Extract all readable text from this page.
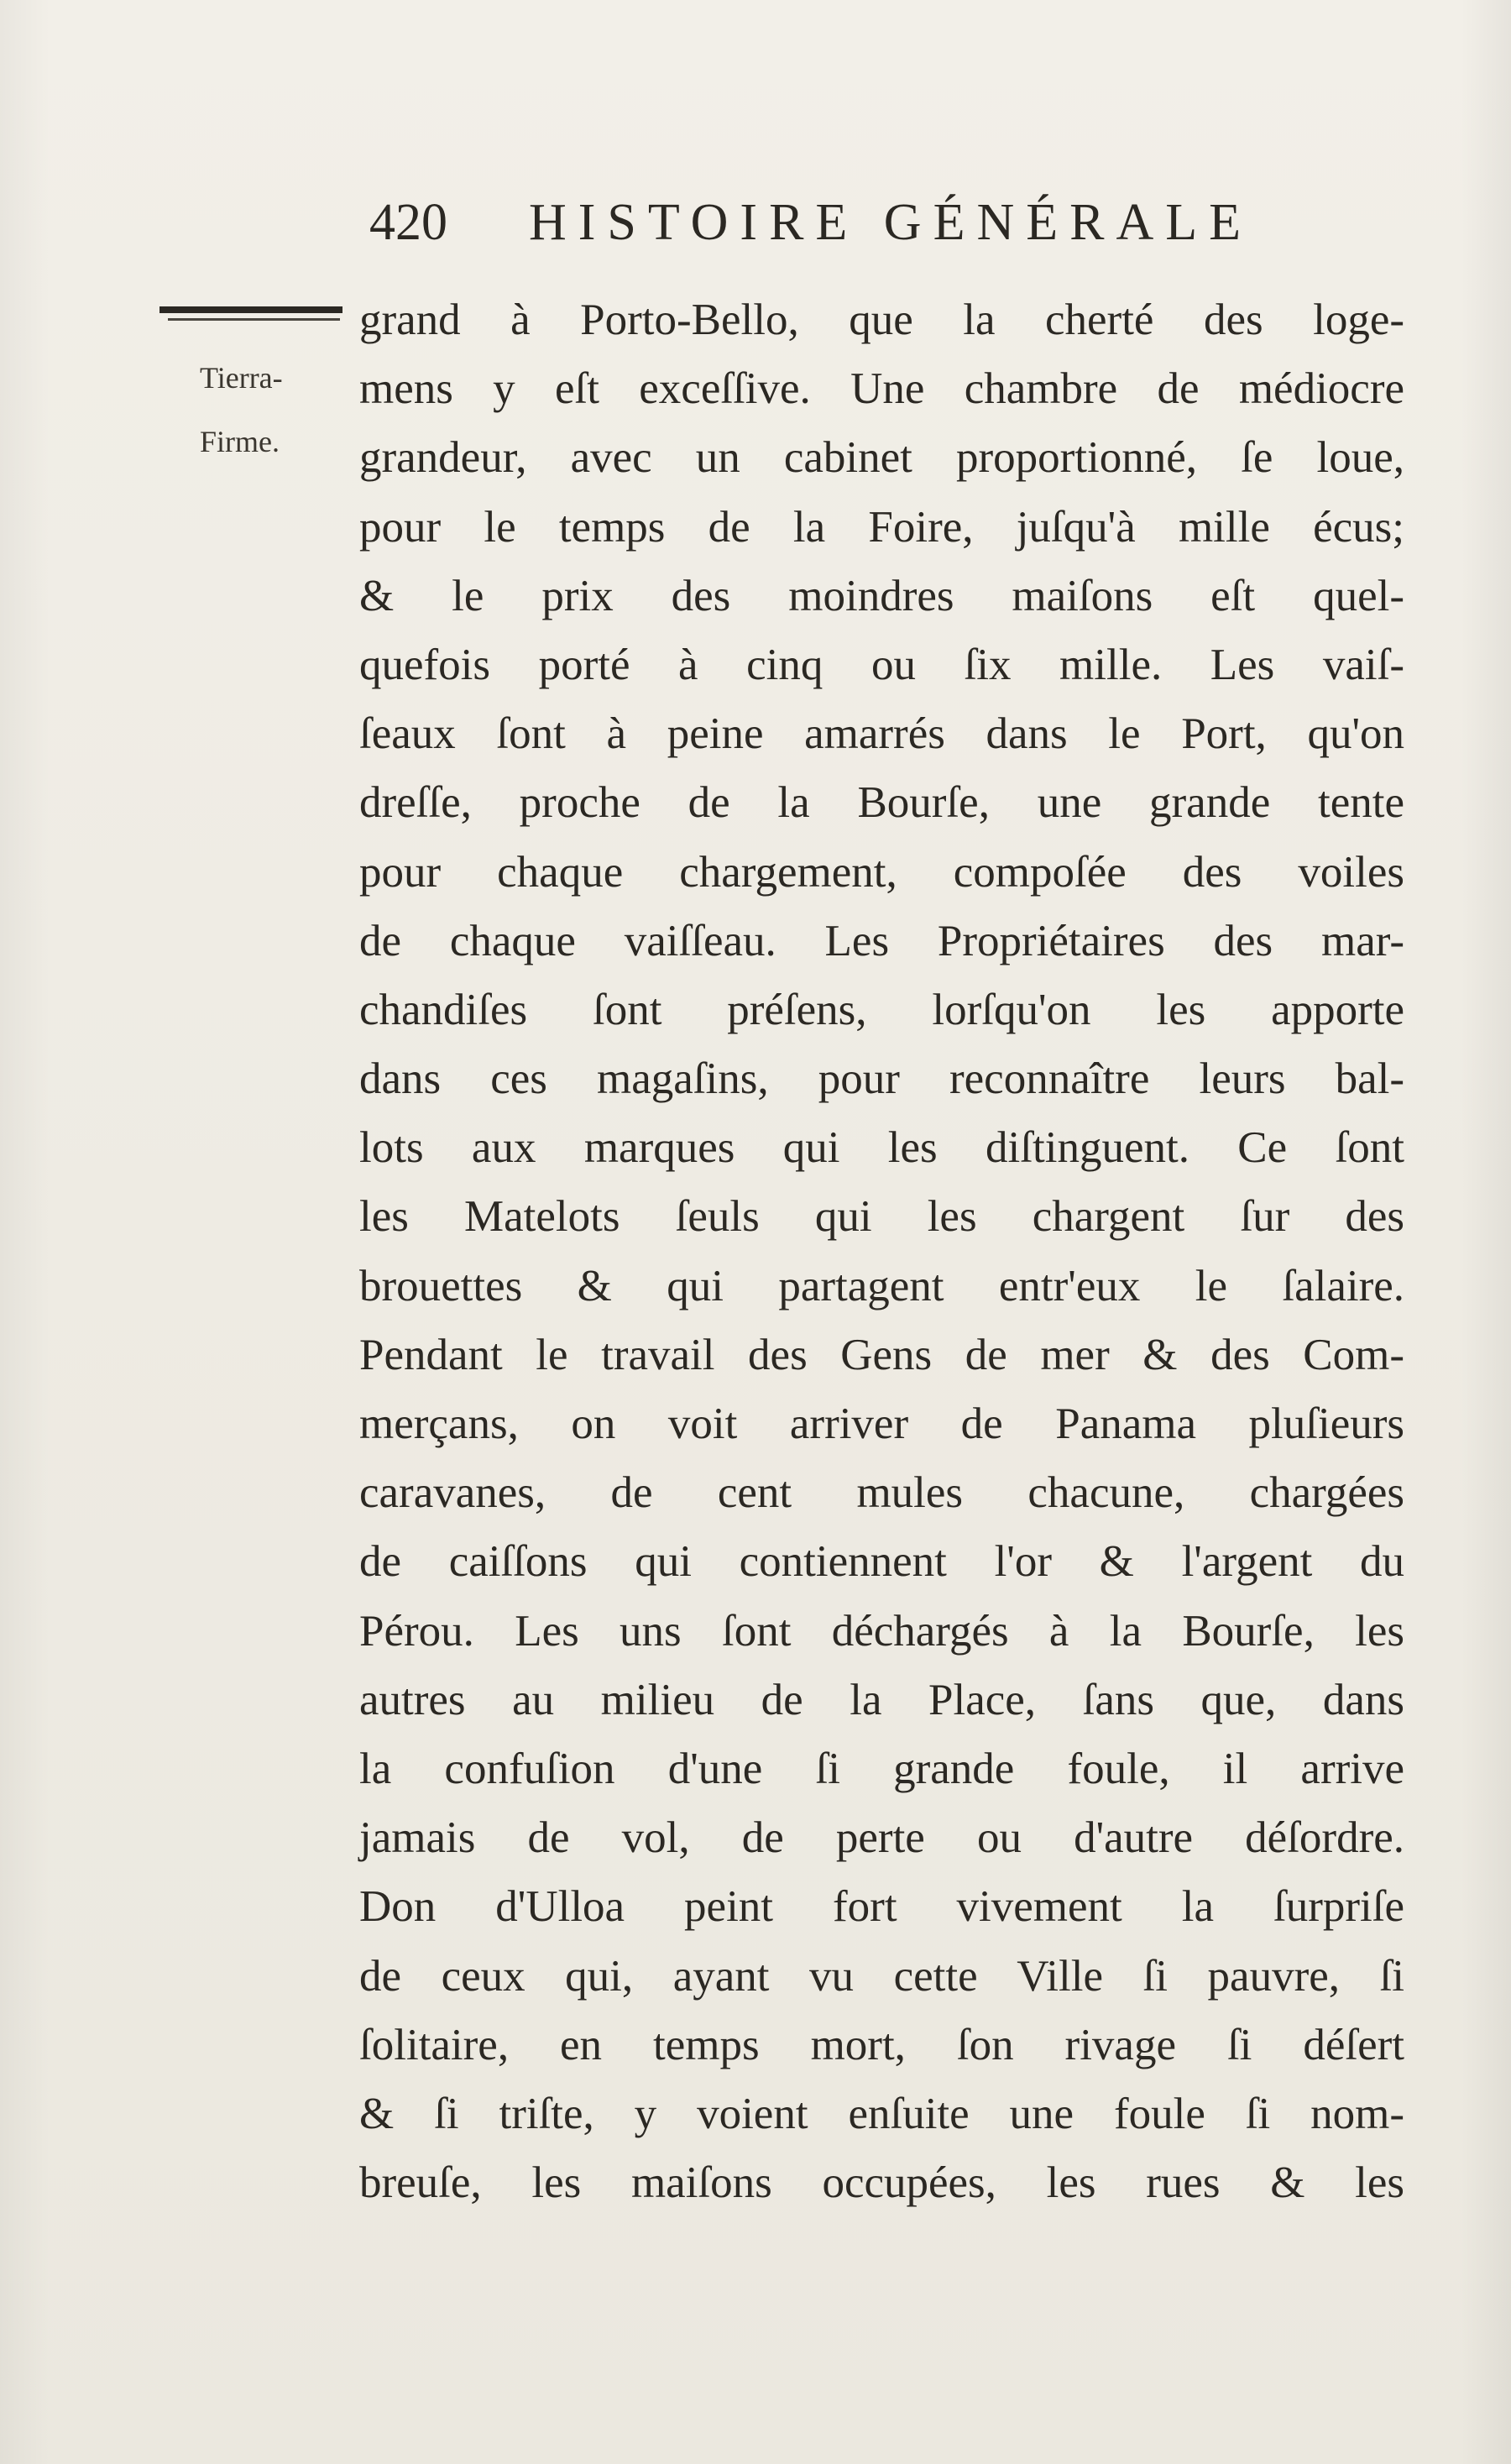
420 HISTOIRE GÉNÉRALE
Tierra-
Firme.
grand à Porto-Bello, que la cherté des loge-
mens y eſt exceſſive. Une chambre de médiocre
grandeur, avec un cabinet proportionné, ſe loue,
pour le temps de la Foire, juſqu'à mille écus;
& le prix des moindres maiſons eſt quel-
quefois porté à cinq ou ſix mille. Les vaiſ-
ſeaux ſont à peine amarrés dans le Port, qu'on
dreſſe, proche de la Bourſe, une grande tente
pour chaque chargement, compoſée des voiles
de chaque vaiſſeau. Les Propriétaires des mar-
chandiſes ſont préſens, lorſqu'on les apporte
dans ces magaſins, pour reconnaître leurs bal-
lots aux marques qui les diſtinguent. Ce ſont
les Matelots ſeuls qui les chargent ſur des
brouettes & qui partagent entr'eux le ſalaire.
Pendant le travail des Gens de mer & des Com-
merçans, on voit arriver de Panama pluſieurs
caravanes, de cent mules chacune, chargées
de caiſſons qui contiennent l'or & l'argent du
Pérou. Les uns ſont déchargés à la Bourſe, les
autres au milieu de la Place, ſans que, dans
la confuſion d'une ſi grande foule, il arrive
jamais de vol, de perte ou d'autre déſordre.
Don d'Ulloa peint fort vivement la ſurpriſe
de ceux qui, ayant vu cette Ville ſi pauvre, ſi
ſolitaire, en temps mort, ſon rivage ſi déſert
& ſi triſte, y voient enſuite une foule ſi nom-
breuſe, les maiſons occupées, les rues & les
